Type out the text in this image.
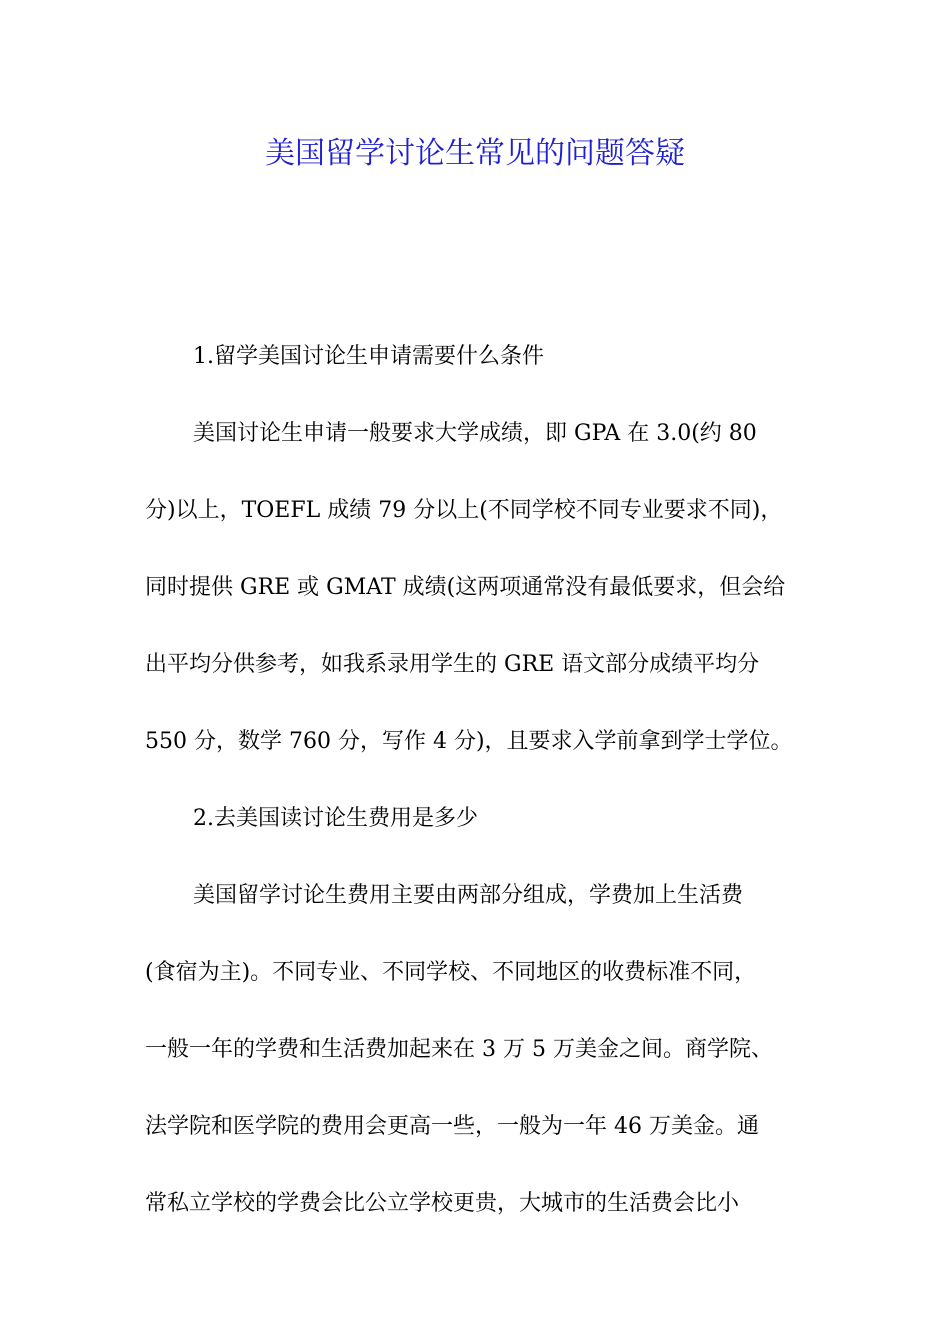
美国留学讨论生常见的问题答疑

1.留学美国讨论生申请需要什么条件

美国讨论生申请一般要求大学成绩，即 GPA 在 3.0(约 80

分)以上，TOEFL 成绩 79 分以上(不同学校不同专业要求不同)，

同时提供 GRE 或 GMAT 成绩(这两项通常没有最低要求，但会给

出平均分供参考，如我系录用学生的 GRE 语文部分成绩平均分

550 分，数学 760 分，写作 4 分)，且要求入学前拿到学士学位。

2.去美国读讨论生费用是多少

美国留学讨论生费用主要由两部分组成，学费加上生活费

(食宿为主)。不同专业、不同学校、不同地区的收费标准不同，

一般一年的学费和生活费加起来在 3 万 5 万美金之间。商学院、

法学院和医学院的费用会更高一些，一般为一年 46 万美金。通

常私立学校的学费会比公立学校更贵，大城市的生活费会比小
